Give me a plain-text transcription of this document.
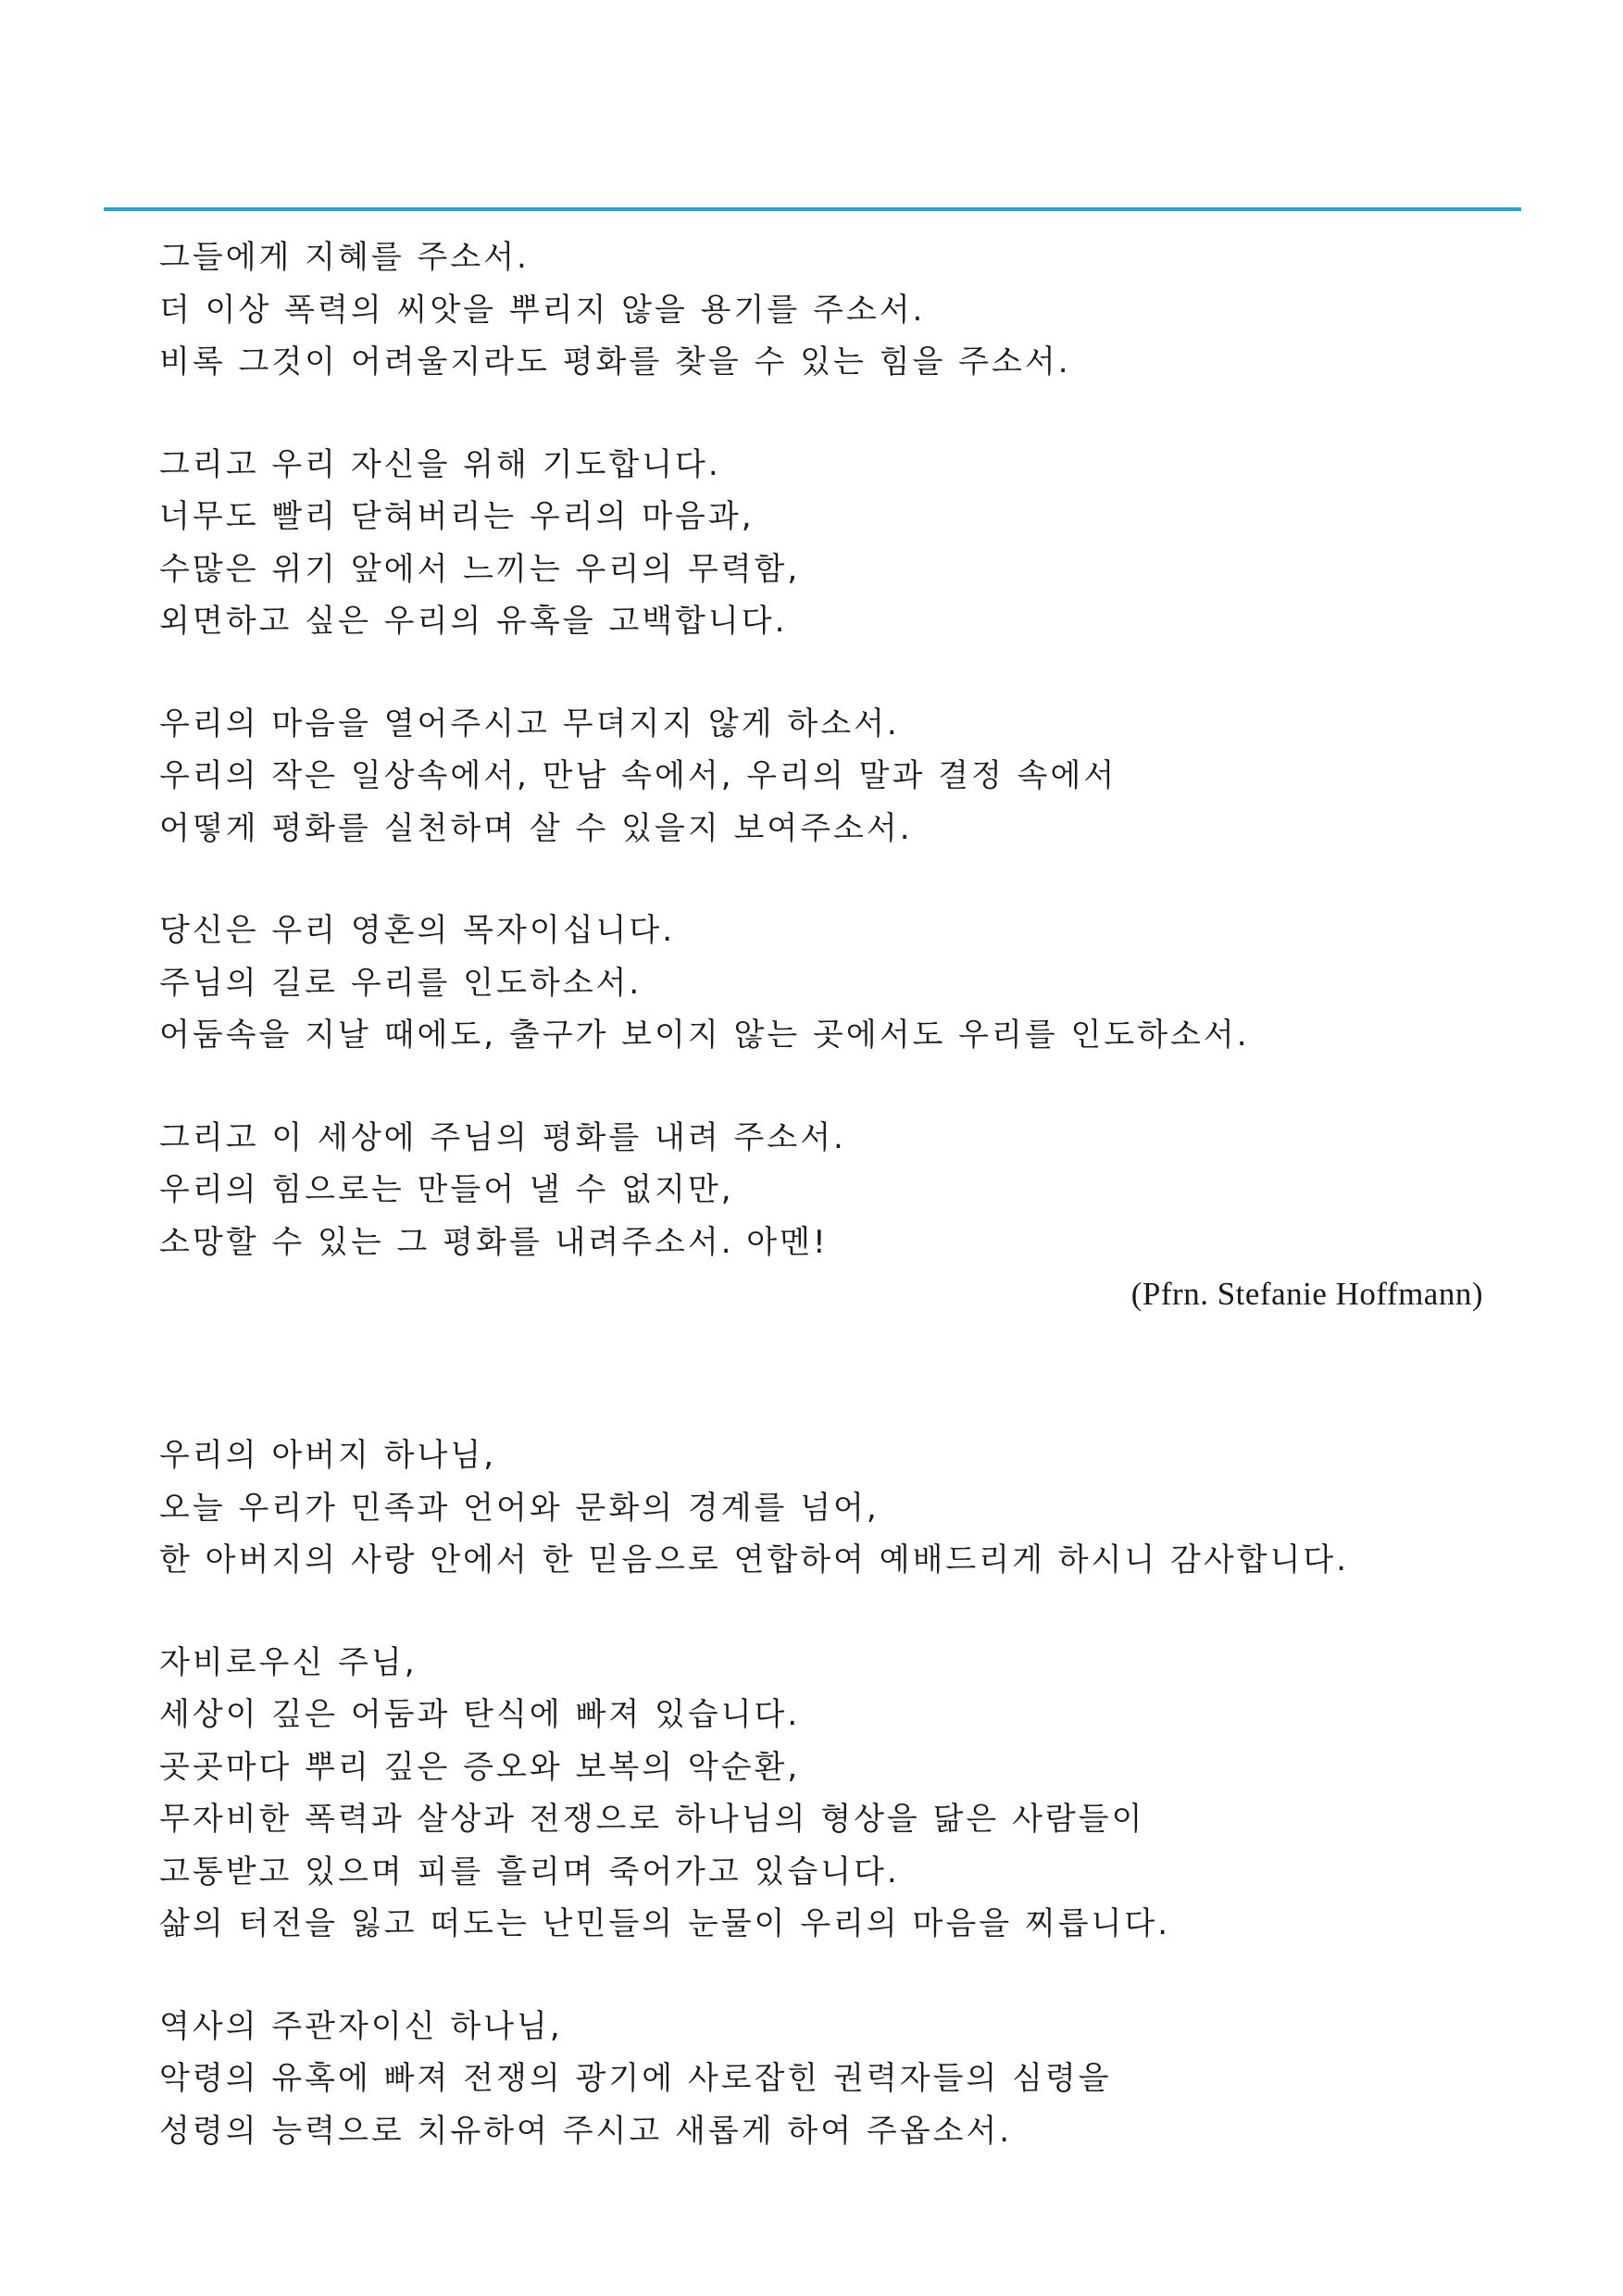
그들에게 지혜를 주소서.
더 이상 폭력의 씨앗을 뿌리지 않을 용기를 주소서.
비록 그것이 어려울지라도 평화를 찾을 수 있는 힘을 주소서.
그리고 우리 자신을 위해 기도합니다.
너무도 빨리 닫혀버리는 우리의 마음과,
수많은 위기 앞에서 느끼는 우리의 무력함,
외면하고 싶은 우리의 유혹을 고백합니다.
우리의 마음을 열어주시고 무뎌지지 않게 하소서.
우리의 작은 일상속에서, 만남 속에서, 우리의 말과 결정 속에서
어떻게 평화를 실천하며 살 수 있을지 보여주소서.
당신은 우리 영혼의 목자이십니다.
주님의 길로 우리를 인도하소서.
어둠속을 지날 때에도, 출구가 보이지 않는 곳에서도 우리를 인도하소서.
그리고 이 세상에 주님의 평화를 내려 주소서.
우리의 힘으로는 만들어 낼 수 없지만,
소망할 수 있는 그 평화를 내려주소서. 아멘!
(Pfrn. Stefanie Hoffmann)
우리의 아버지 하나님,
오늘 우리가 민족과 언어와 문화의 경계를 넘어,
한 아버지의 사랑 안에서 한 믿음으로 연합하여 예배드리게 하시니 감사합니다.
자비로우신 주님,
세상이 깊은 어둠과 탄식에 빠져 있습니다.
곳곳마다 뿌리 깊은 증오와 보복의 악순환,
무자비한 폭력과 살상과 전쟁으로 하나님의 형상을 닮은 사람들이
고통받고 있으며 피를 흘리며 죽어가고 있습니다.
삶의 터전을 잃고 떠도는 난민들의 눈물이 우리의 마음을 찌릅니다.
역사의 주관자이신 하나님,
악령의 유혹에 빠져 전쟁의 광기에 사로잡힌 권력자들의 심령을
성령의 능력으로 치유하여 주시고 새롭게 하여 주옵소서.
